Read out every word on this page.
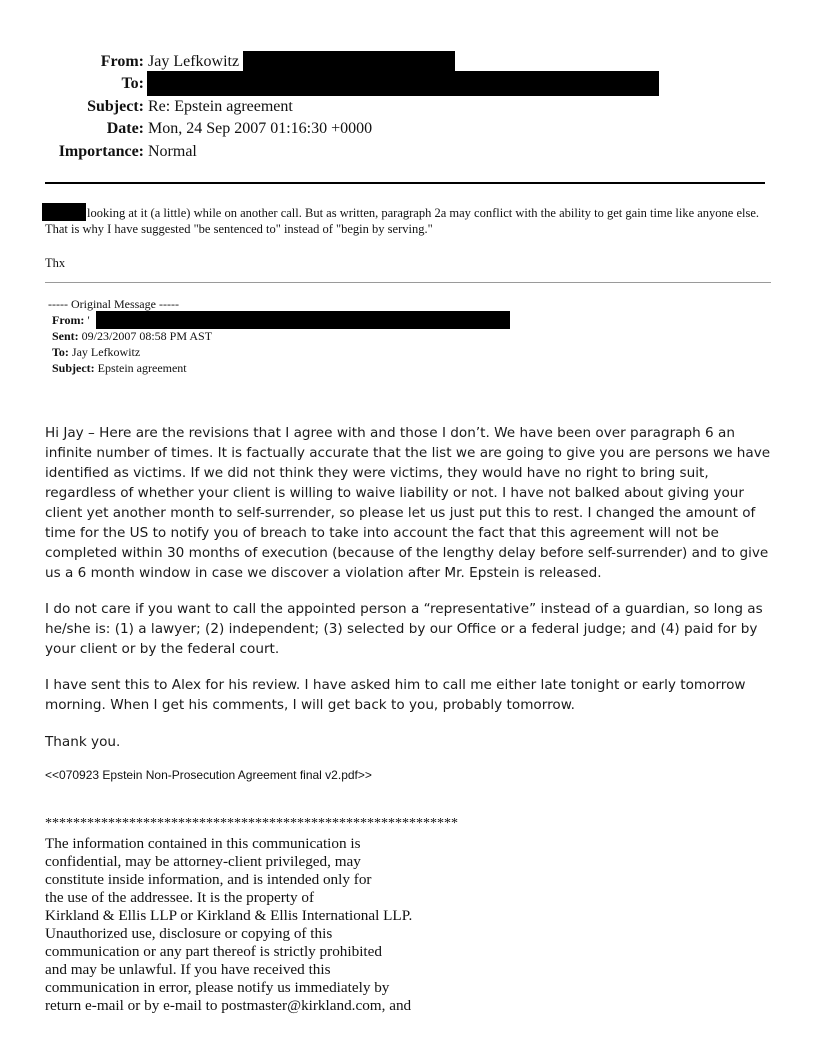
From: Jay Lefkowitz
To:
Subject: Re: Epstein agreement
Date: Mon, 24 Sep 2007 01:16:30 +0000
Importance: Normal
looking at it (a little) while on another call. But as written, paragraph 2a may conflict with the ability to get gain time like anyone else. That is why I have suggested "be sentenced to" instead of "begin by serving."
Thx
----- Original Message -----
From: '
Sent: 09/23/2007 08:58 PM AST
To: Jay Lefkowitz
Subject: Epstein agreement
Hi Jay – Here are the revisions that I agree with and those I don’t. We have been over paragraph 6 an infinite number of times. It is factually accurate that the list we are going to give you are persons we have identified as victims. If we did not think they were victims, they would have no right to bring suit, regardless of whether your client is willing to waive liability or not. I have not balked about giving your client yet another month to self-surrender, so please let us just put this to rest. I changed the amount of time for the US to notify you of breach to take into account the fact that this agreement will not be completed within 30 months of execution (because of the lengthy delay before self-surrender) and to give us a 6 month window in case we discover a violation after Mr. Epstein is released.
I do not care if you want to call the appointed person a “representative” instead of a guardian, so long as he/she is: (1) a lawyer; (2) independent; (3) selected by our Office or a federal judge; and (4) paid for by your client or by the federal court.
I have sent this to Alex for his review. I have asked him to call me either late tonight or early tomorrow morning. When I get his comments, I will get back to you, probably tomorrow.
Thank you.
<<070923 Epstein Non-Prosecution Agreement final v2.pdf>>
***********************************************************
The information contained in this communication is
confidential, may be attorney-client privileged, may
constitute inside information, and is intended only for
the use of the addressee. It is the property of
Kirkland & Ellis LLP or Kirkland & Ellis International LLP.
Unauthorized use, disclosure or copying of this
communication or any part thereof is strictly prohibited
and may be unlawful. If you have received this
communication in error, please notify us immediately by
return e-mail or by e-mail to postmaster@kirkland.com, and
